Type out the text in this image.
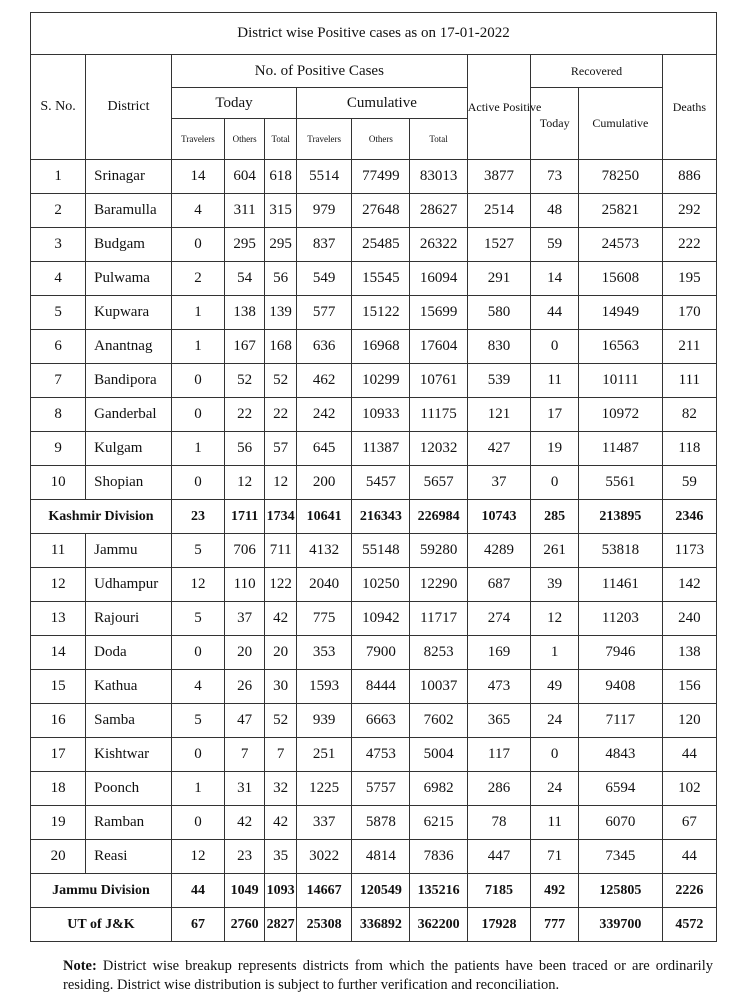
District wise Positive cases as on 17-01-2022											
S. No.	District	No. of Positive Cases						Active Positive	Recovered		Deaths
		Today			Cumulative				Today	Cumulative	
		Travelers	Others	Total	Travelers	Others	Total				
1	Srinagar	14	604	618	5514	77499	83013	3877	73	78250	886
2	Baramulla	4	311	315	979	27648	28627	2514	48	25821	292
3	Budgam	0	295	295	837	25485	26322	1527	59	24573	222
4	Pulwama	2	54	56	549	15545	16094	291	14	15608	195
5	Kupwara	1	138	139	577	15122	15699	580	44	14949	170
6	Anantnag	1	167	168	636	16968	17604	830	0	16563	211
7	Bandipora	0	52	52	462	10299	10761	539	11	10111	111
8	Ganderbal	0	22	22	242	10933	11175	121	17	10972	82
9	Kulgam	1	56	57	645	11387	12032	427	19	11487	118
10	Shopian	0	12	12	200	5457	5657	37	0	5561	59
Kashmir Division		23	1711	1734	10641	216343	226984	10743	285	213895	2346
11	Jammu	5	706	711	4132	55148	59280	4289	261	53818	1173
12	Udhampur	12	110	122	2040	10250	12290	687	39	11461	142
13	Rajouri	5	37	42	775	10942	11717	274	12	11203	240
14	Doda	0	20	20	353	7900	8253	169	1	7946	138
15	Kathua	4	26	30	1593	8444	10037	473	49	9408	156
16	Samba	5	47	52	939	6663	7602	365	24	7117	120
17	Kishtwar	0	7	7	251	4753	5004	117	0	4843	44
18	Poonch	1	31	32	1225	5757	6982	286	24	6594	102
19	Ramban	0	42	42	337	5878	6215	78	11	6070	67
20	Reasi	12	23	35	3022	4814	7836	447	71	7345	44
Jammu Division		44	1049	1093	14667	120549	135216	7185	492	125805	2226
UT of J&K		67	2760	2827	25308	336892	362200	17928	777	339700	4572
Note: District wise breakup represents districts from which the patients have been traced or are ordinarily residing. District wise distribution is subject to further verification and reconciliation.
